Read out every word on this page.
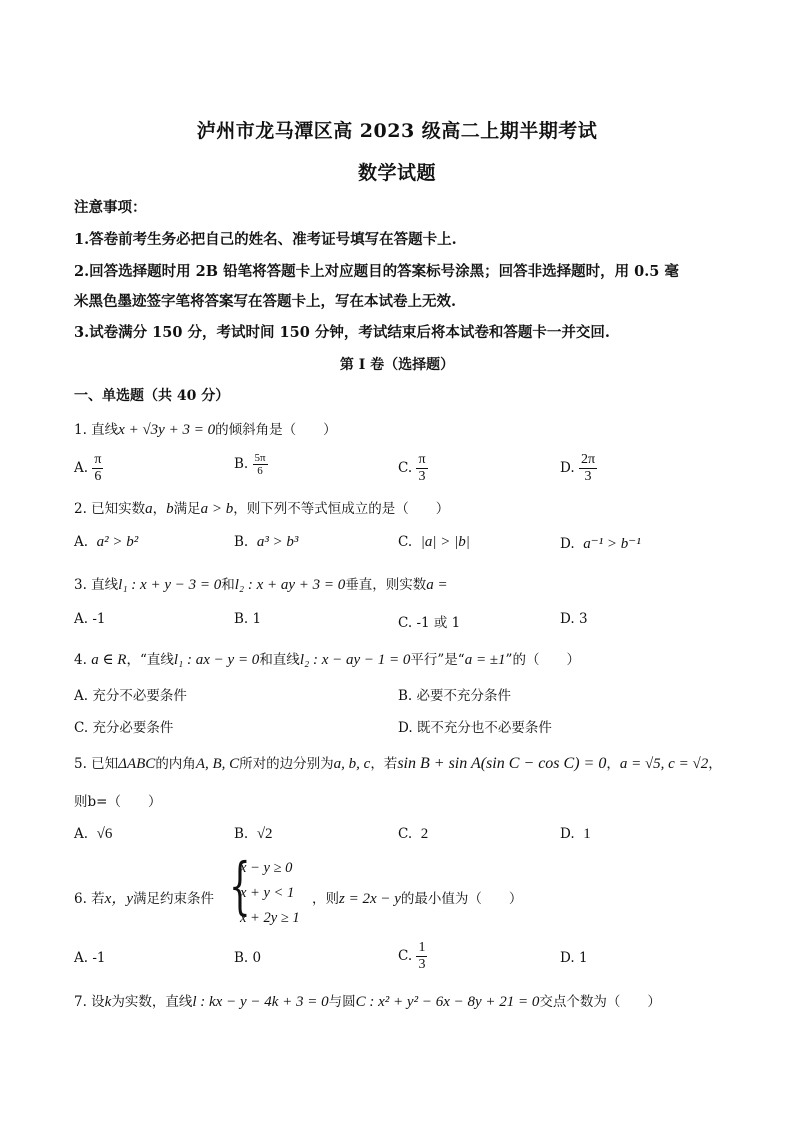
泸州市龙马潭区高 2023 级高二上期半期考试
数学试题
注意事项：
1.答卷前考生务必把自己的姓名、准考证号填写在答题卡上.
2.回答选择题时用 2B 铅笔将答题卡上对应题目的答案标号涂黑；回答非选择题时，用 0.5 毫
米黑色墨迹签字笔将答案写在答题卡上，写在本试卷上无效.
3.试卷满分 150 分，考试时间 150 分钟，考试结束后将本试卷和答题卡一并交回.
第 I 卷（选择题）
一、单选题（共 40 分）
1. 直线x + √3y + 3 = 0的倾斜角是（　　）
A. $\frac{\pi}{6}$	B. $\frac{5\pi}{6}$	C. $\frac{\pi}{3}$	D. $\frac{2\pi}{3}$
2. 已知实数a，b满足a > b，则下列不等式恒成立的是（　　）
A. a² > b²	B. a³ > b³	C. |a| > |b|	D. a⁻¹ > b⁻¹
3. 直线l₁ : x + y − 3 = 0和l₂ : x + ay + 3 = 0垂直，则实数a =
A. -1	B. 1	C. -1 或 1	D. 3
4. a ∈ R，“直线l₁ : ax − y = 0和直线l₂ : x − ay − 1 = 0平行”是“a = ±1”的（　　）
A. 充分不必要条件	B. 必要不充分条件
C. 充分必要条件	D. 既不充分也不必要条件
5. 已知ΔABC的内角A, B, C所对的边分别为a, b, c，若sin B + sin A(sin C − cos C) = 0，a = √5, c = √2，
则b=（　　）
A. √6	B. √2	C. 2	D. 1
6. 若x，y满足约束条件 {
x − y ≥ 0
x + y < 1
x + 2y ≥ 1
，则z = 2x − y的最小值为（　　）
A. -1	B. 0	C. $\frac{1}{3}$	D. 1
7. 设k为实数，直线l : kx − y − 4k + 3 = 0与圆C : x² + y² − 6x − 8y + 21 = 0交点个数为（　　）
